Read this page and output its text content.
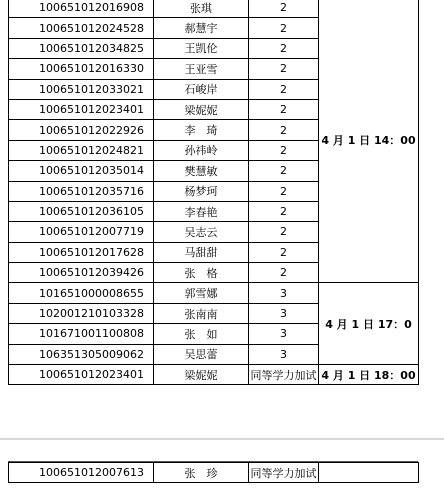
100651012016908	张琪	2	4 月 1 日 14：00
100651012024528	郝慧宇	2	
100651012034825	王凯伦	2	
100651012016330	王亚雪	2	
100651012033021	石峻岸	2	
100651012023401	梁妮妮	2	
100651012022926	李　琦	2	
100651012024821	孙祎岭	2	
100651012035014	樊慧敏	2	
100651012035716	杨梦珂	2	
100651012036105	李春艳	2	
100651012007719	吴志云	2	
100651012017628	马甜甜	2	
100651012039426	张　格	2	
101651000008655	郭雪娜	3	4 月 1 日 17：0
102001210103328	张南南	3	
101671001100808	张　如	3	
106351305009062	吴思蕾	3	
100651012023401	梁妮妮	同等学力加试	4 月 1 日 18：00
100651012007613	张　珍	同等学力加试	
